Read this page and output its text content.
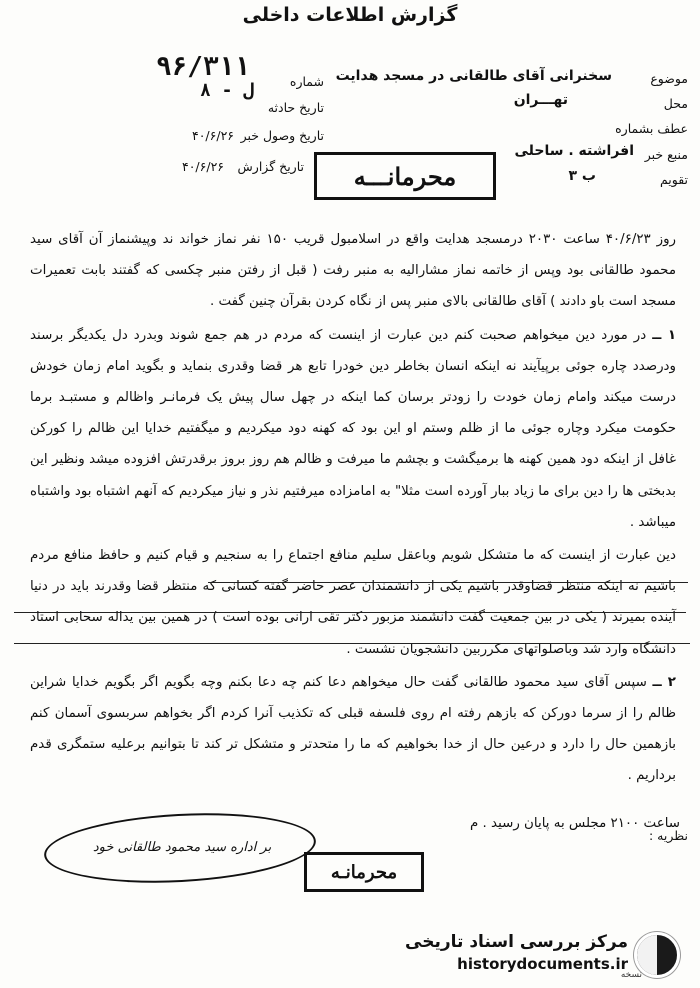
گزارش اطلاعات داخلی
موضوع
سخنرانی آقای طالقانی در مسجد هدایت
محل
تهـــران
عطف بشماره
منبع خبر
افراشته . ساحلی
تقویم
ب ۳
شماره
۹۶/۳۱۱
ل - ۸
تاریخ حادثه
تاریخ وصول خبر
۴۰/۶/۲۶
تاریخ گزارش
۴۰/۶/۲۶	محرمانـــه

روز ۴۰/۶/۲۳ ساعت ۲۰۳۰ درمسجد هدایت واقع در اسلامبول قریب ۱۵۰ نفر نماز خواند ند وپیشنماز آن آقای سید محمود طالقانی بود وپس از خاتمه نماز مشارالیه به منبر رفت ( قبل از رفتن منبر چکسی که گفتند بابت تعمیرات مسجد است باو دادند ) آقای طالقانی بالای منبر پس از نگاه کردن بقرآن چنین گفت .

۱ ــ در مورد دین میخواهم صحبت کنم دین عبارت از اینست که مردم در هم جمع شوند وبدرد دل یکدیگر برسند ودرصدد چاره جوئی برپیآیند نه اینکه انسان بخاطر دین خودرا تابع هر قضا وقدری بنماید و بگوید امام زمان خودش درست میکند وامام زمان خودت را زودتر برسان کما اینکه در چهل سال پیش یک فرمانـر واظالم و مستبـد برما حکومت میکرد وچاره جوئی ما از ظلم وستم او این بود که کهنه دود میکردیم و میگفتیم خدایا این ظالم را کورکن غافل از اینکه دود همین کهنه ها برمیگشت و بچشم ما میرفت و ظالم هم روز بروز برقدرتش افزوده میشد ونظیر این بدبختی ها را دین برای ما زیاد ببار آورده است مثلا" به امامزاده میرفتیم نذر و نیاز میکردیم که آنهم اشتباه بود واشتباه میباشد .

دین عبارت از اینست که ما متشکل شویم وباعقل سلیم منافع اجتماع را به سنجیم و قیام کنیم و حافظ منافع مردم باشیم نه اینکه منتظر قضاوقدر باشیم یکی از دانشمندان عصر حاضر گفته کسانی که منتظر قضا وقدرند باید در دنیا آینده بمیرند ( یکی در بین جمعیت گفت دانشمند مزبور دکتر تقی ارانی بوده است ) در همین بین یداله سحابی استاد دانشگاه وارد شد وباصلواتهای مکرربین دانشجویان نشست .

۲ ــ سپس آقای سید محمود طالقانی گفت حال میخواهم دعا کنم چه دعا بکنم وچه بگویم اگر بگویم خدایا شراین ظالم را از سرما دورکن که بازهم رفته ام روی فلسفه قبلی که تکذیب آنرا کردم اگر بخواهم سربسوی آسمان کنم بازهمین حال را دارد و درعین حال از خدا بخواهیم که ما را متحدتر و متشکل تر کند تا بتوانیم برعلیه ستمگری قدم برداریم .

ساعت ۲۱۰۰ مجلس به پایان رسید . م
نظریه :
بر اداره سید محمود طالقانی خود
محرمانـه
مرکز بررسی اسناد تاریخی
historydocuments.ir
نسخه
